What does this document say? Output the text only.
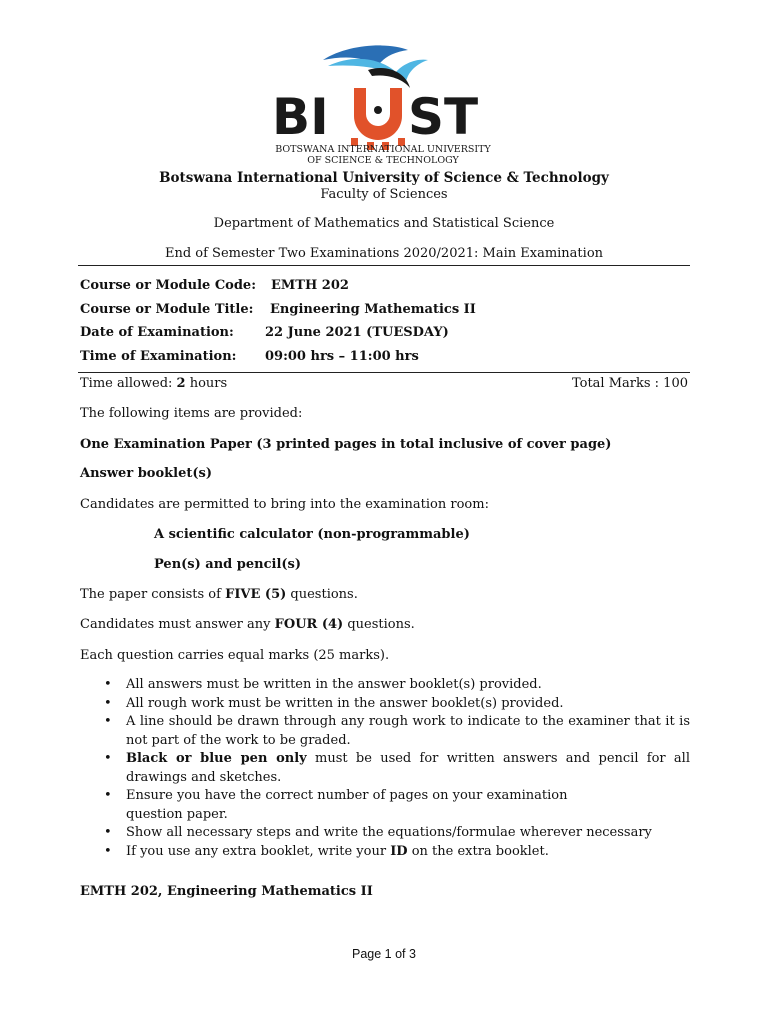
BI ST
BOTSWANA INTERNATIONAL UNIVERSITY
OF SCIENCE & TECHNOLOGY
Botswana International University of Science & Technology
Faculty of Sciences
Department of Mathematics and Statistical Science
End of Semester Two Examinations 2020/2021: Main Examination
Course or Module Code: EMTH 202
Course or Module Title: Engineering Mathematics II
Date of Examination: 22 June 2021 (TUESDAY)
Time of Examination: 09:00 hrs – 11:00 hrs
Time allowed: 2 hours	Total Marks : 100
The following items are provided:
One Examination Paper (3 printed pages in total inclusive of cover page)
Answer booklet(s)
Candidates are permitted to bring into the examination room:
A scientific calculator (non-programmable)
Pen(s) and pencil(s)
The paper consists of FIVE (5) questions.
Candidates must answer any FOUR (4) questions.
Each question carries equal marks (25 marks).
• All answers must be written in the answer booklet(s) provided.
• All rough work must be written in the answer booklet(s) provided.
• A line should be drawn through any rough work to indicate to the examiner that it is not part of the work to be graded.
• Black or blue pen only must be used for written answers and pencil for all drawings and sketches.
• Ensure you have the correct number of pages on your examination
question paper.
• Show all necessary steps and write the equations/formulae wherever necessary
• If you use any extra booklet, write your ID on the extra booklet.
EMTH 202, Engineering Mathematics II
Page 1 of 3
